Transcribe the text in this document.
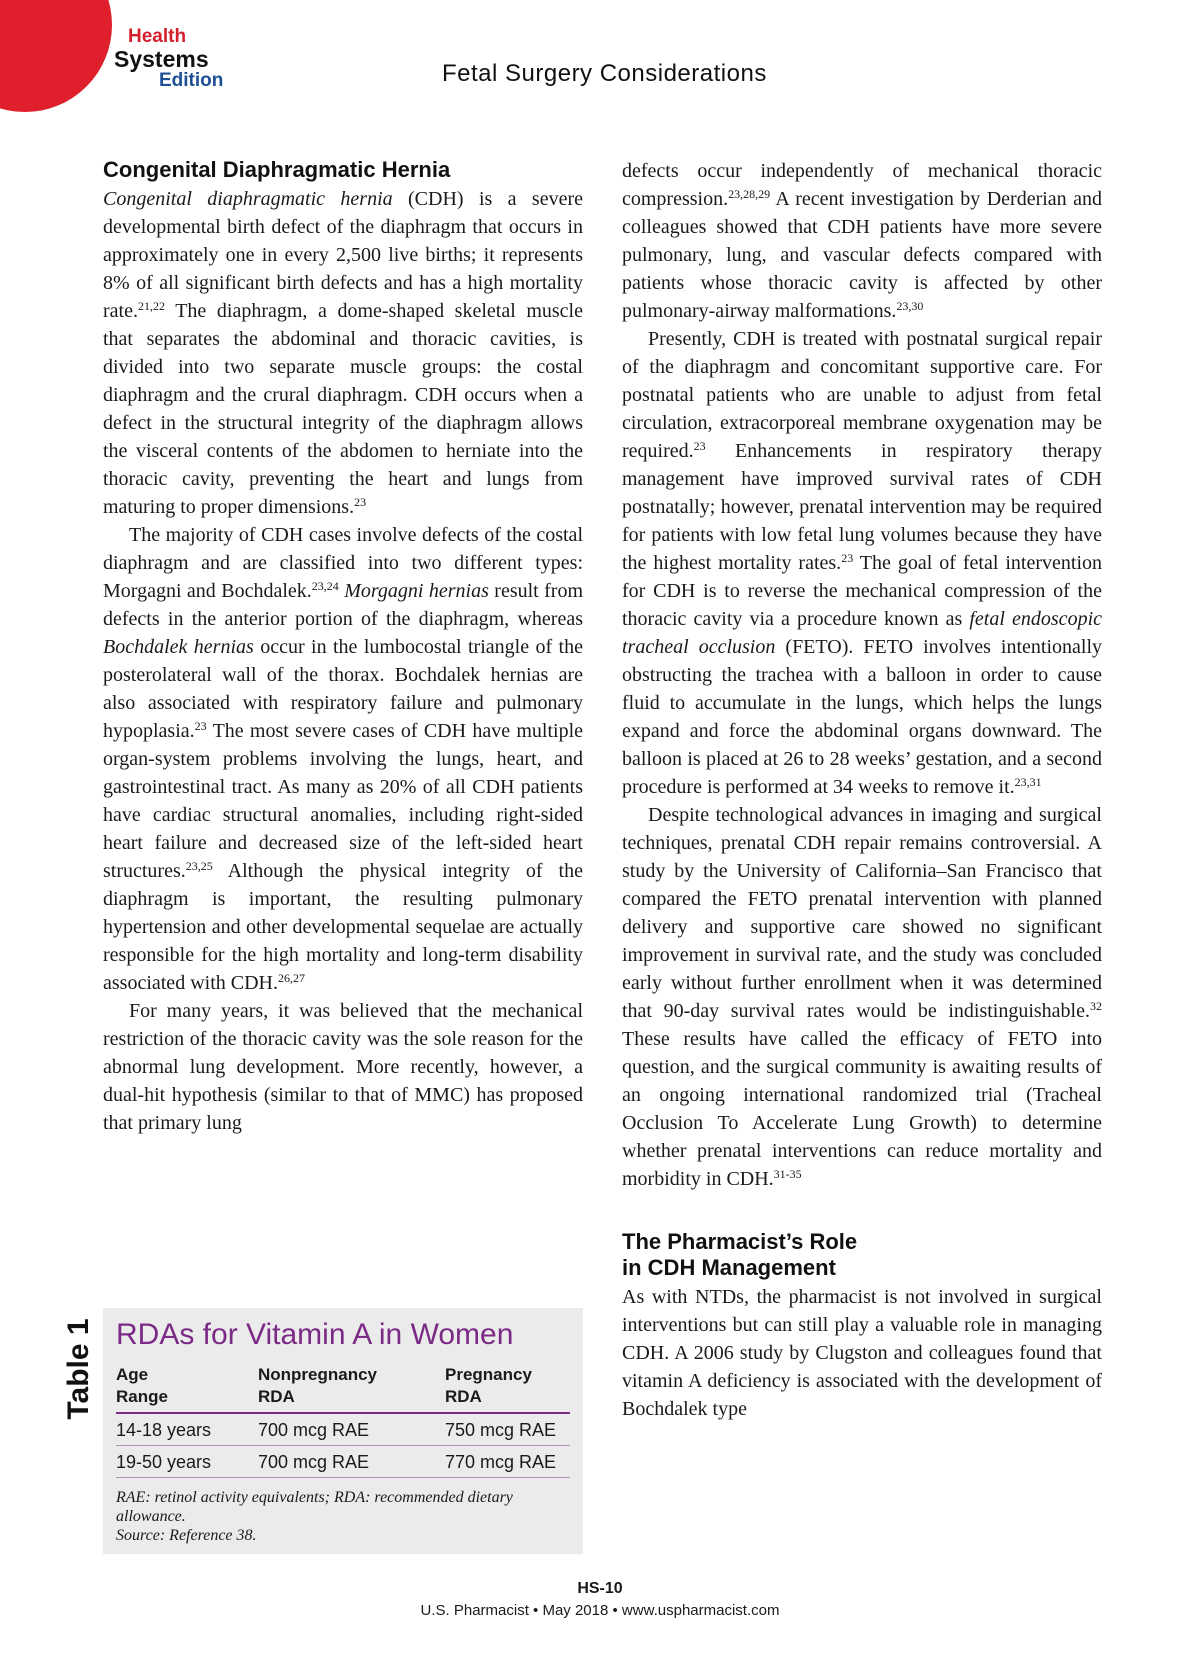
Health
Systems
Edition	Fetal Surgery Considerations
Congenital Diaphragmatic Hernia

Congenital diaphragmatic hernia (CDH) is a severe developmental birth defect of the diaphragm that occurs in approximately one in every 2,500 live births; it represents 8% of all significant birth defects and has a high mortality rate.$^{21,22}$ The diaphragm, a dome-shaped skeletal muscle that separates the abdominal and thoracic cavities, is divided into two separate muscle groups: the costal diaphragm and the crural diaphragm. CDH occurs when a defect in the structural integrity of the diaphragm allows the visceral contents of the abdomen to herniate into the thoracic cavity, preventing the heart and lungs from maturing to proper dimensions.$^{23}$

The majority of CDH cases involve defects of the costal diaphragm and are classified into two different types: Morgagni and Bochdalek.$^{23,24}$ Morgagni hernias result from defects in the anterior portion of the diaphragm, whereas Bochdalek hernias occur in the lumbocostal triangle of the posterolateral wall of the thorax. Bochdalek hernias are also associated with respiratory failure and pulmonary hypoplasia.$^{23}$ The most severe cases of CDH have multiple organ-system problems involving the lungs, heart, and gastrointestinal tract. As many as 20% of all CDH patients have cardiac structural anomalies, including right-sided heart failure and decreased size of the left-sided heart structures.$^{23,25}$ Although the physical integrity of the diaphragm is important, the resulting pulmonary hypertension and other developmental sequelae are actually responsible for the high mortality and long-term disability associated with CDH.$^{26,27}$

For many years, it was believed that the mechanical restriction of the thoracic cavity was the sole reason for the abnormal lung development. More recently, however, a dual-hit hypothesis (similar to that of MMC) has proposed that primary lung

defects occur independently of mechanical thoracic compression.$^{23,28,29}$ A recent investigation by Derderian and colleagues showed that CDH patients have more severe pulmonary, lung, and vascular defects compared with patients whose thoracic cavity is affected by other pulmonary-airway malformations.$^{23,30}$

Presently, CDH is treated with postnatal surgical repair of the diaphragm and concomitant supportive care. For postnatal patients who are unable to adjust from fetal circulation, extracorporeal membrane oxygenation may be required.$^{23}$ Enhancements in respiratory therapy management have improved survival rates of CDH postnatally; however, prenatal intervention may be required for patients with low fetal lung volumes because they have the highest mortality rates.$^{23}$ The goal of fetal intervention for CDH is to reverse the mechanical compression of the thoracic cavity via a procedure known as fetal endoscopic tracheal occlusion (FETO). FETO involves intentionally obstructing the trachea with a balloon in order to cause fluid to accumulate in the lungs, which helps the lungs expand and force the abdominal organs downward. The balloon is placed at 26 to 28 weeks’ gestation, and a second procedure is performed at 34 weeks to remove it.$^{23,31}$

Despite technological advances in imaging and surgical techniques, prenatal CDH repair remains controversial. A study by the University of California–San Francisco that compared the FETO prenatal intervention with planned delivery and supportive care showed no significant improvement in survival rate, and the study was concluded early without further enrollment when it was determined that 90-day survival rates would be indistinguishable.$^{32}$ These results have called the efficacy of FETO into question, and the surgical community is awaiting results of an ongoing international randomized trial (Tracheal Occlusion To Accelerate Lung Growth) to determine whether prenatal interventions can reduce mortality and morbidity in CDH.$^{31-35}$

The Pharmacist’s Role in CDH Management

As with NTDs, the pharmacist is not involved in surgical interventions but can still play a valuable role in managing CDH. A 2006 study by Clugston and colleagues found that vitamin A deficiency is associated with the development of Bochdalek type

Table 1 RDAs for Vitamin A in Women
Age Range	Nonpregnancy RDA	Pregnancy RDA
14-18 years	700 mcg RAE	750 mcg RAE
19-50 years	700 mcg RAE	770 mcg RAE
RAE: retinol activity equivalents; RDA: recommended dietary allowance.
Source: Reference 38.
HS-10
U.S. Pharmacist • May 2018 • www.uspharmacist.com
